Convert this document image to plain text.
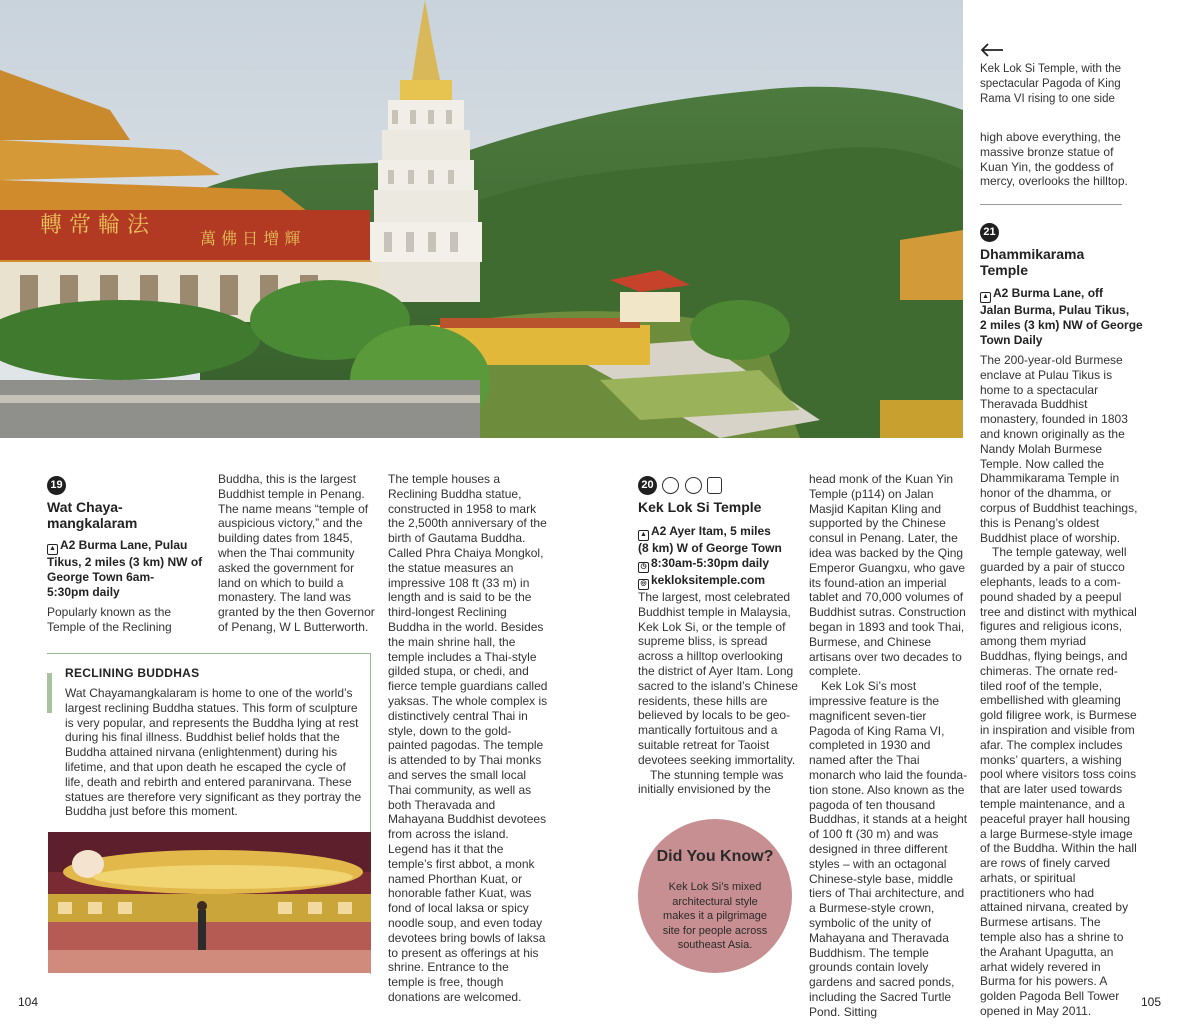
轉 常 輪 法
萬 佛 日 增 輝
Kek Lok Si Temple, with the spectacular Pagoda of King Rama VI rising to one side
19
Wat Chaya-
mangkalaram
▲ A2 Burma Lane, Pulau
Tikus, 2 miles (3 km) NW of
George Town 6am-
5:30pm daily

Popularly known as the Temple of the Reclining

Buddha, this is the largest Buddhist temple in Penang. The name means “temple of auspicious victory,” and the building dates from 1845, when the Thai community asked the government for land on which to build a monastery. The land was granted by the then Governor of Penang, W L Butterworth.

The temple houses a Reclining Buddha statue, constructed in 1958 to mark the 2,500th anniversary of the birth of Gautama Buddha. Called Phra Chaiya Mongkol, the statue measures an impressive 108 ft (33 m) in length and is said to be the third-longest Reclining Buddha in the world. Besides the main shrine hall, the temple includes a Thai-style gilded stupa, or chedi, and fierce temple guardians called yaksas. The whole complex is distinctively central Thai in style, down to the gold-painted pagodas. The temple is attended to by Thai monks and serves the small local Thai community, as well as both Theravada and Mahayana Buddhist devotees from across the island. Legend has it that the temple’s first abbot, a monk named Phorthan Kuat, or honorable father Kuat, was fond of local laksa or spicy noodle soup, and even today devotees bring bowls of laksa to present as offerings at his shrine. Entrance to the temple is free, though donations are welcomed.

RECLINING BUDDHAS
Wat Chayamangkalaram is home to one of the world’s largest reclining Buddha statues. This form of sculpture is very popular, and represents the Buddha lying at rest during his final illness. Buddhist belief holds that the Buddha attained nirvana (enlightenment) during his lifetime, and that upon death he escaped the cycle of life, death and rebirth and entered paranirvana. These statues are therefore very significant as they portray the Buddha just before this moment.
20
Kek Lok Si Temple
▲ A2 Ayer Itam, 5 miles
(8 km) W of George Town
◷ 8:30am-5:30pm daily
◎ kekloksitemple.com

The largest, most celebrated Buddhist temple in Malaysia, Kek Lok Si, or the temple of supreme bliss, is spread across a hilltop overlooking the district of Ayer Itam. Long sacred to the island’s Chinese residents, these hills are believed by locals to be geo-mantically fortuitous and a suitable retreat for Taoist devotees seeking immortality.

The stunning temple was initially envisioned by the

head monk of the Kuan Yin Temple (p114) on Jalan Masjid Kapitan Kling and supported by the Chinese consul in Penang. Later, the idea was backed by the Qing Emperor Guangxu, who gave its found-ation an imperial tablet and 70,000 volumes of Buddhist sutras. Construction began in 1893 and took Thai, Burmese, and Chinese artisans over two decades to complete.

Kek Lok Si’s most impressive feature is the magnificent seven-tier Pagoda of King Rama VI, completed in 1930 and named after the Thai monarch who laid the founda-tion stone. Also known as the pagoda of ten thousand Buddhas, it stands at a height of 100 ft (30 m) and was designed in three different styles – with an octagonal Chinese-style base, middle tiers of Thai architecture, and a Burmese-style crown, symbolic of the unity of Mahayana and Theravada Buddhism. The temple grounds contain lovely gardens and sacred ponds, including the Sacred Turtle Pond. Sitting

Did You Know?
Kek Lok Si’s mixed architectural style makes it a pilgrimage site for people across southeast Asia.
high above everything, the massive bronze statue of Kuan Yin, the goddess of mercy, overlooks the hilltop.
21
Dhammikarama
Temple
▲ A2 Burma Lane, off
Jalan Burma, Pulau Tikus,
2 miles (3 km) NW of George
Town Daily

The 200-year-old Burmese enclave at Pulau Tikus is home to a spectacular Theravada Buddhist monastery, founded in 1803 and known originally as the Nandy Molah Burmese Temple. Now called the Dhammikarama Temple in honor of the dhamma, or corpus of Buddhist teachings, this is Penang’s oldest Buddhist place of worship.

The temple gateway, well guarded by a pair of stucco elephants, leads to a com-pound shaded by a peepul tree and distinct with mythical figures and religious icons, among them myriad Buddhas, flying beings, and chimeras. The ornate red-tiled roof of the temple, embellished with gleaming gold filigree work, is Burmese in inspiration and visible from afar. The complex includes monks’ quarters, a wishing pool where visitors toss coins that are later used towards temple maintenance, and a peaceful prayer hall housing a large Burmese-style image of the Buddha. Within the hall are rows of finely carved arhats, or spiritual practitioners who had attained nirvana, created by Burmese artisans. The temple also has a shrine to the Arahant Upagutta, an arhat widely revered in Burma for his powers. A golden Pagoda Bell Tower opened in May 2011.

104	105
